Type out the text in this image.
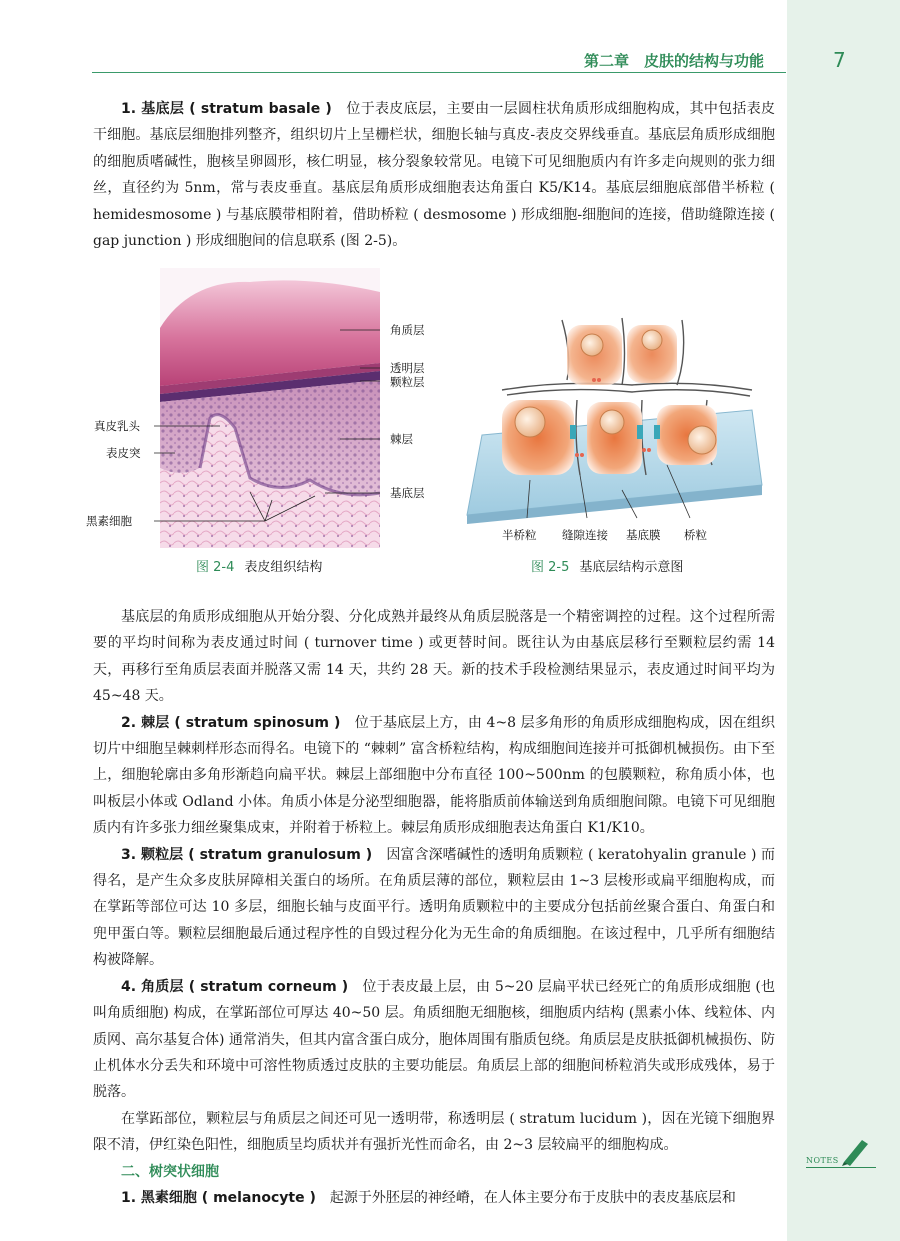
第二章　皮肤的结构与功能	7

1. 基底层 ( stratum basale )　 位于表皮底层，主要由一层圆柱状角质形成细胞构成，其中包括表皮干细胞。基底层细胞排列整齐，组织切片上呈栅栏状，细胞长轴与真皮-表皮交界线垂直。基底层角质形成细胞的细胞质嗜碱性，胞核呈卵圆形，核仁明显，核分裂象较常见。电镜下可见细胞质内有许多走向规则的张力细丝，直径约为 5nm，常与表皮垂直。基底层角质形成细胞表达角蛋白 K5/K14。基底层细胞底部借半桥粒 ( hemidesmosome ) 与基底膜带相附着，借助桥粒 ( desmosome ) 形成细胞-细胞间的连接，借助缝隙连接 ( gap junction ) 形成细胞间的信息联系 (图 2-5)。

角质层
透明层
颗粒层
真皮乳头
表皮突
棘层
基底层
黑素细胞
图 2-4 表皮组织结构
半桥粒 缝隙连接 基底膜 桥粒
图 2-5 基底层结构示意图

基底层的角质形成细胞从开始分裂、分化成熟并最终从角质层脱落是一个精密调控的过程。这个过程所需要的平均时间称为表皮通过时间 ( turnover time ) 或更替时间。既往认为由基底层移行至颗粒层约需 14 天，再移行至角质层表面并脱落又需 14 天，共约 28 天。新的技术手段检测结果显示，表皮通过时间平均为 45~48 天。

2. 棘层 ( stratum spinosum )　 位于基底层上方，由 4~8 层多角形的角质形成细胞构成，因在组织切片中细胞呈棘刺样形态而得名。电镜下的 “棘刺” 富含桥粒结构，构成细胞间连接并可抵御机械损伤。由下至上，细胞轮廓由多角形渐趋向扁平状。棘层上部细胞中分布直径 100~500nm 的包膜颗粒，称角质小体，也叫板层小体或 Odland 小体。角质小体是分泌型细胞器，能将脂质前体输送到角质细胞间隙。电镜下可见细胞质内有许多张力细丝聚集成束，并附着于桥粒上。棘层角质形成细胞表达角蛋白 K1/K10。

3. 颗粒层 ( stratum granulosum )　 因富含深嗜碱性的透明角质颗粒 ( keratohyalin granule ) 而得名，是产生众多皮肤屏障相关蛋白的场所。在角质层薄的部位，颗粒层由 1~3 层梭形或扁平细胞构成，而在掌跖等部位可达 10 多层，细胞长轴与皮面平行。透明角质颗粒中的主要成分包括前丝聚合蛋白、角蛋白和兜甲蛋白等。颗粒层细胞最后通过程序性的自毁过程分化为无生命的角质细胞。在该过程中，几乎所有细胞结构被降解。

4. 角质层 ( stratum corneum )　 位于表皮最上层，由 5~20 层扁平状已经死亡的角质形成细胞 (也叫角质细胞) 构成，在掌跖部位可厚达 40~50 层。角质细胞无细胞核，细胞质内结构 (黑素小体、线粒体、内质网、高尔基复合体) 通常消失，但其内富含蛋白成分，胞体周围有脂质包绕。角质层是皮肤抵御机械损伤、防止机体水分丢失和环境中可溶性物质透过皮肤的主要功能层。角质层上部的细胞间桥粒消失或形成残体，易于脱落。

在掌跖部位，颗粒层与角质层之间还可见一透明带，称透明层 ( stratum lucidum )，因在光镜下细胞界限不清，伊红染色阳性，细胞质呈均质状并有强折光性而命名，由 2~3 层较扁平的细胞构成。

二、树突状细胞

1. 黑素细胞 ( melanocyte )　 起源于外胚层的神经嵴，在人体主要分布于皮肤中的表皮基底层和

NOTES
